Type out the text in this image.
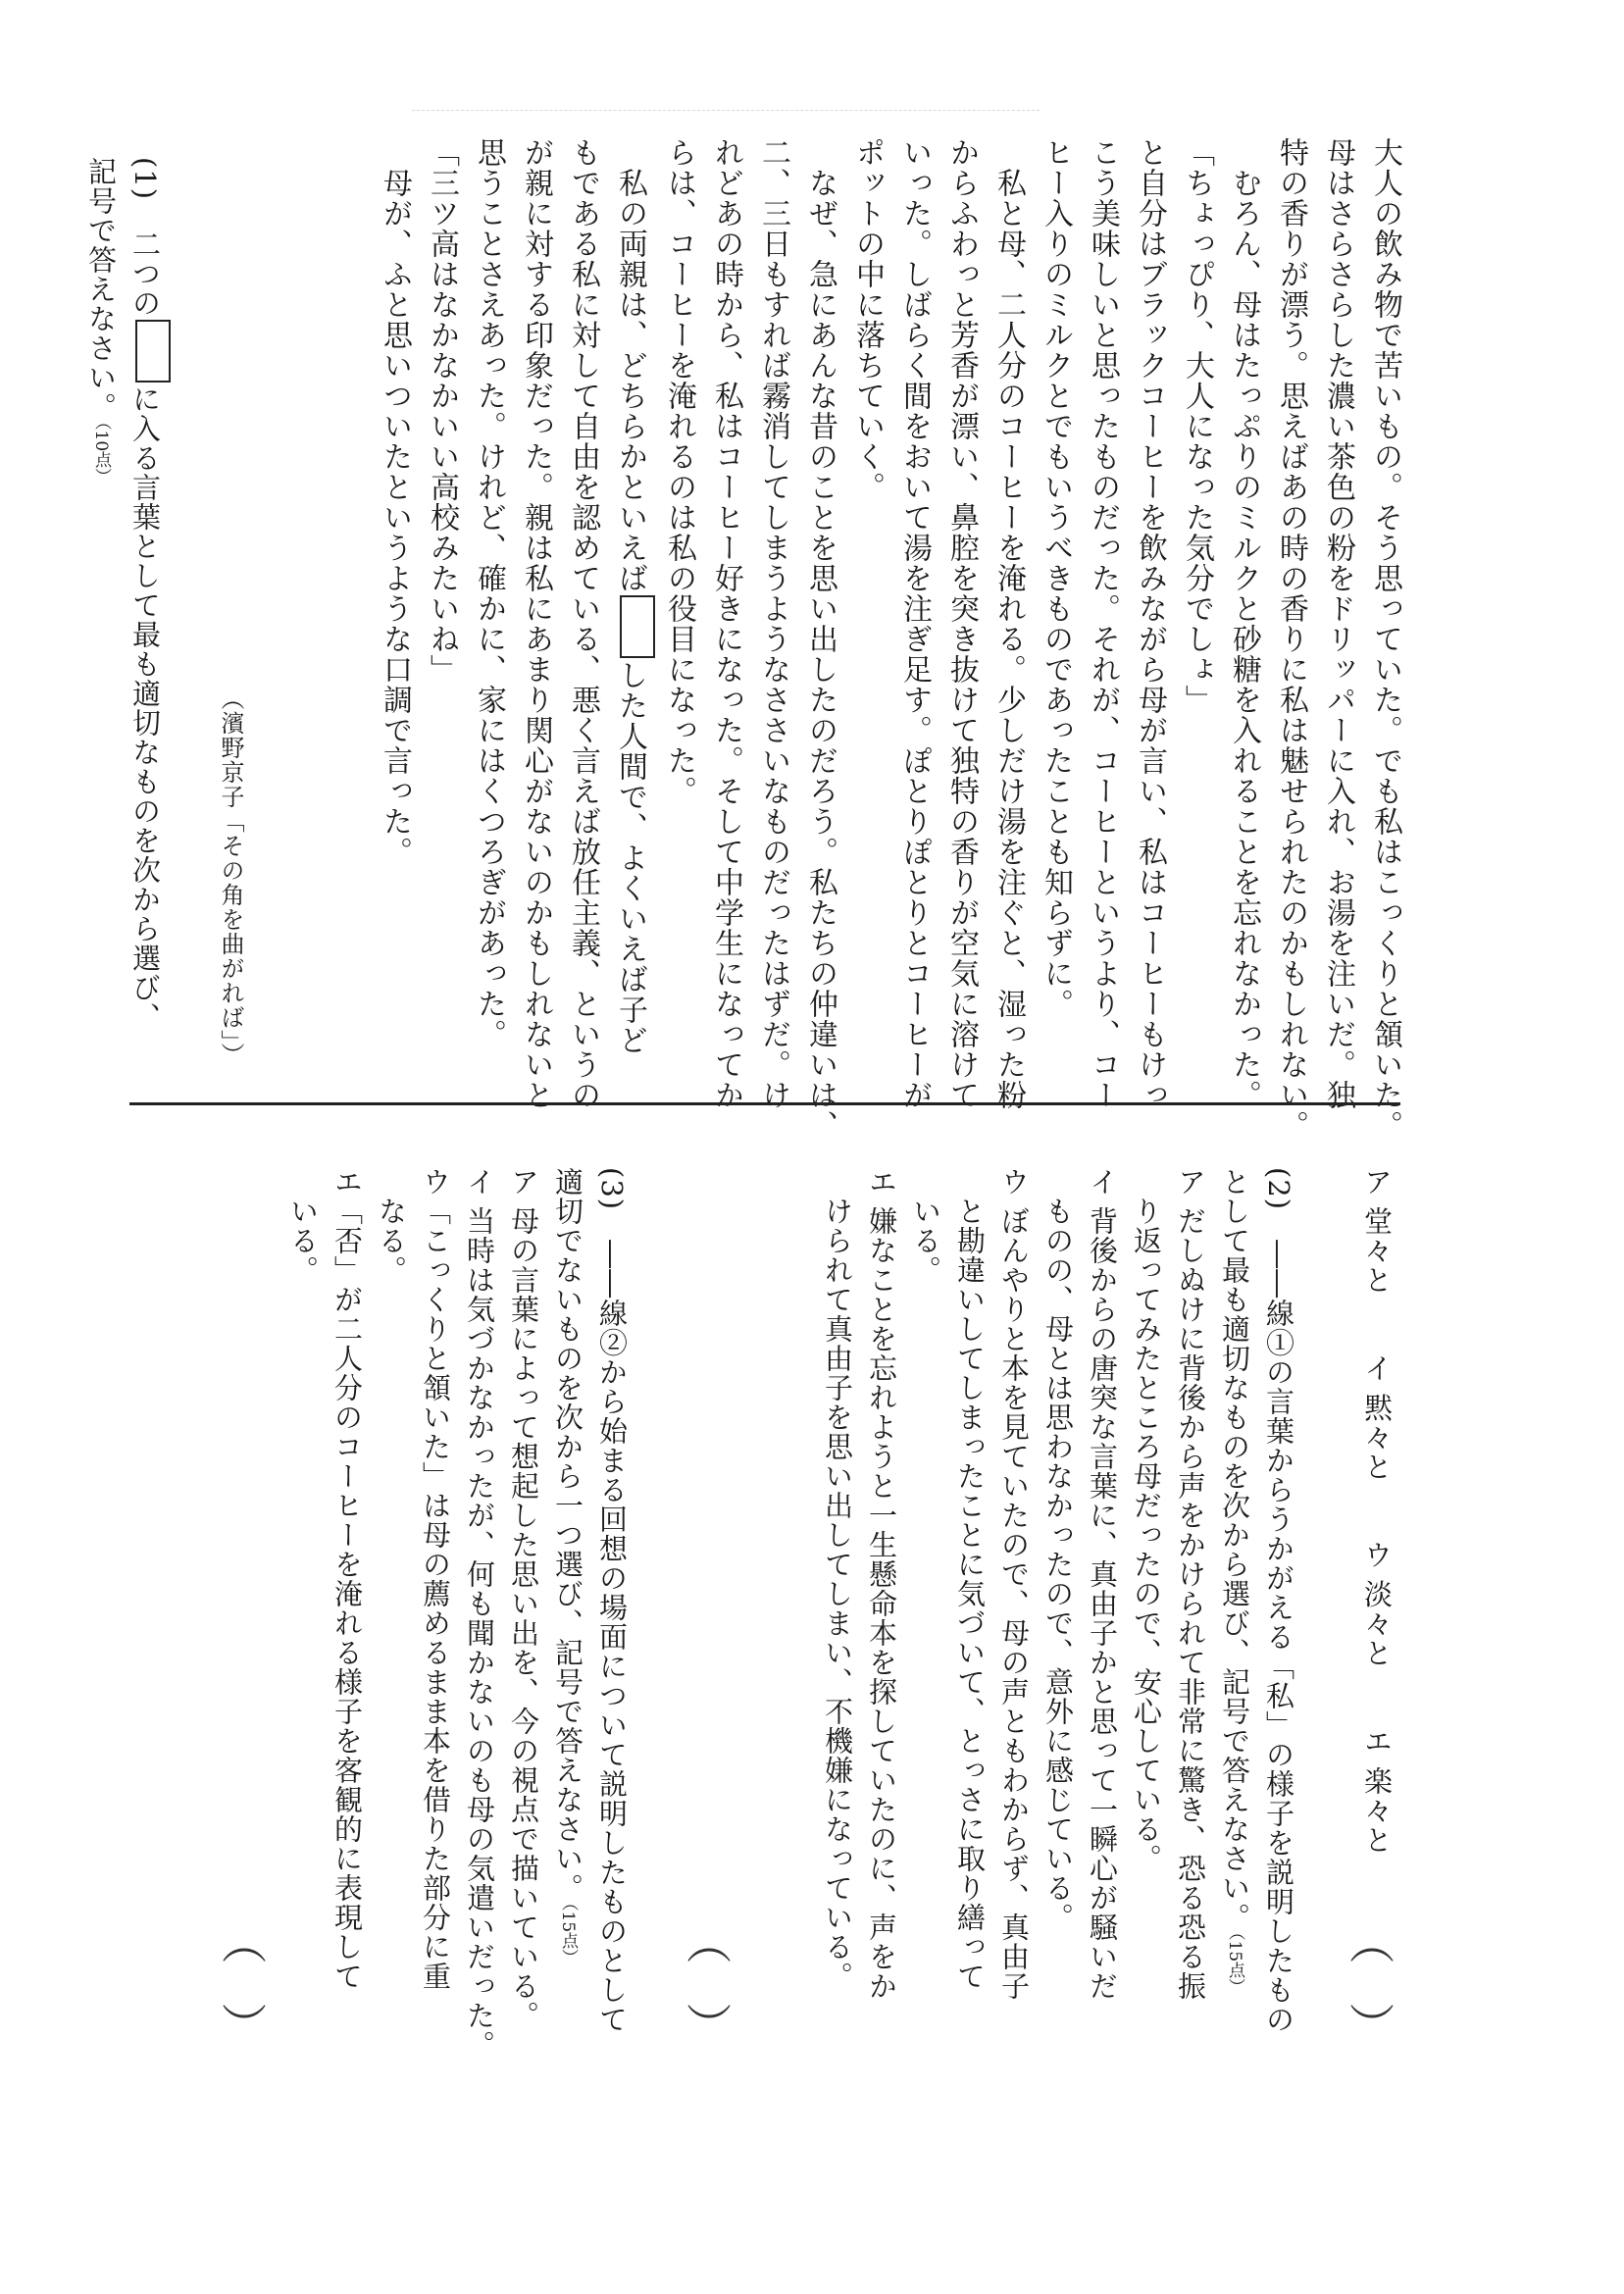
大人の飲み物で苦いもの。そう思っていた。でも私はこっくりと頷いた。
母はさらさらした濃い茶色の粉をドリッパーに入れ、お湯を注いだ。独
特の香りが漂う。思えばあの時の香りに私は魅せられたのかもしれない。
　むろん、母はたっぷりのミルクと砂糖を入れることを忘れなかった。
「ちょっぴり、大人になった気分でしょ」
と自分はブラックコーヒーを飲みながら母が言い、私はコーヒーもけっ
こう美味しいと思ったものだった。それが、コーヒーというより、コー
ヒー入りのミルクとでもいうべきものであったことも知らずに。
　私と母、二人分のコーヒーを淹れる。少しだけ湯を注ぐと、湿った粉
からふわっと芳香が漂い、鼻腔を突き抜けて独特の香りが空気に溶けて
いった。しばらく間をおいて湯を注ぎ足す。ぽとりぽとりとコーヒーが
ポットの中に落ちていく。
　なぜ、急にあんな昔のことを思い出したのだろう。私たちの仲違いは、
二、三日もすれば霧消してしまうようなささいなものだったはずだ。け
れどあの時から、私はコーヒー好きになった。そして中学生になってか
らは、コーヒーを淹れるのは私の役目になった。
　私の両親は、どちらかといえばした人間で、よくいえば子ど
もである私に対して自由を認めている、悪く言えば放任主義、というの
が親に対する印象だった。親は私にあまり関心がないのかもしれないと
思うことさえあった。けれど、確かに、家にはくつろぎがあった。
「三ツ高はなかなかいい高校みたいね」
　母が、ふと思いついたというような口調で言った。
（濱野京子「その角を曲がれば」）
(1)　二つのに入る言葉として最も適切なものを次から選び、
記号で答えなさい。（10点）
ア 堂々と　　イ 黙々と　　ウ 淡々と　　エ 楽々と
︵
︶
(2)　――線①の言葉からうかがえる「私」の様子を説明したもの
として最も適切なものを次から選び、記号で答えなさい。（15点）
ア だしぬけに背後から声をかけられて非常に驚き、恐る恐る振
　り返ってみたところ母だったので、安心している。
イ 背後からの唐突な言葉に、真由子かと思って一瞬心が騒いだ
　ものの、母とは思わなかったので、意外に感じている。
ウ ぼんやりと本を見ていたので、母の声ともわからず、真由子
　と勘違いしてしまったことに気づいて、とっさに取り繕って
　いる。
エ 嫌なことを忘れようと一生懸命本を探していたのに、声をか
　けられて真由子を思い出してしまい、不機嫌になっている。
︵
︶
(3)　――線②から始まる回想の場面について説明したものとして
適切でないものを次から一つ選び、記号で答えなさい。（15点）
ア 母の言葉によって想起した思い出を、今の視点で描いている。
イ 当時は気づかなかったが、何も聞かないのも母の気遣いだった。
ウ「こっくりと頷いた」は母の薦めるまま本を借りた部分に重
　なる。
エ「否」が二人分のコーヒーを淹れる様子を客観的に表現して
　いる。
︵
︶
